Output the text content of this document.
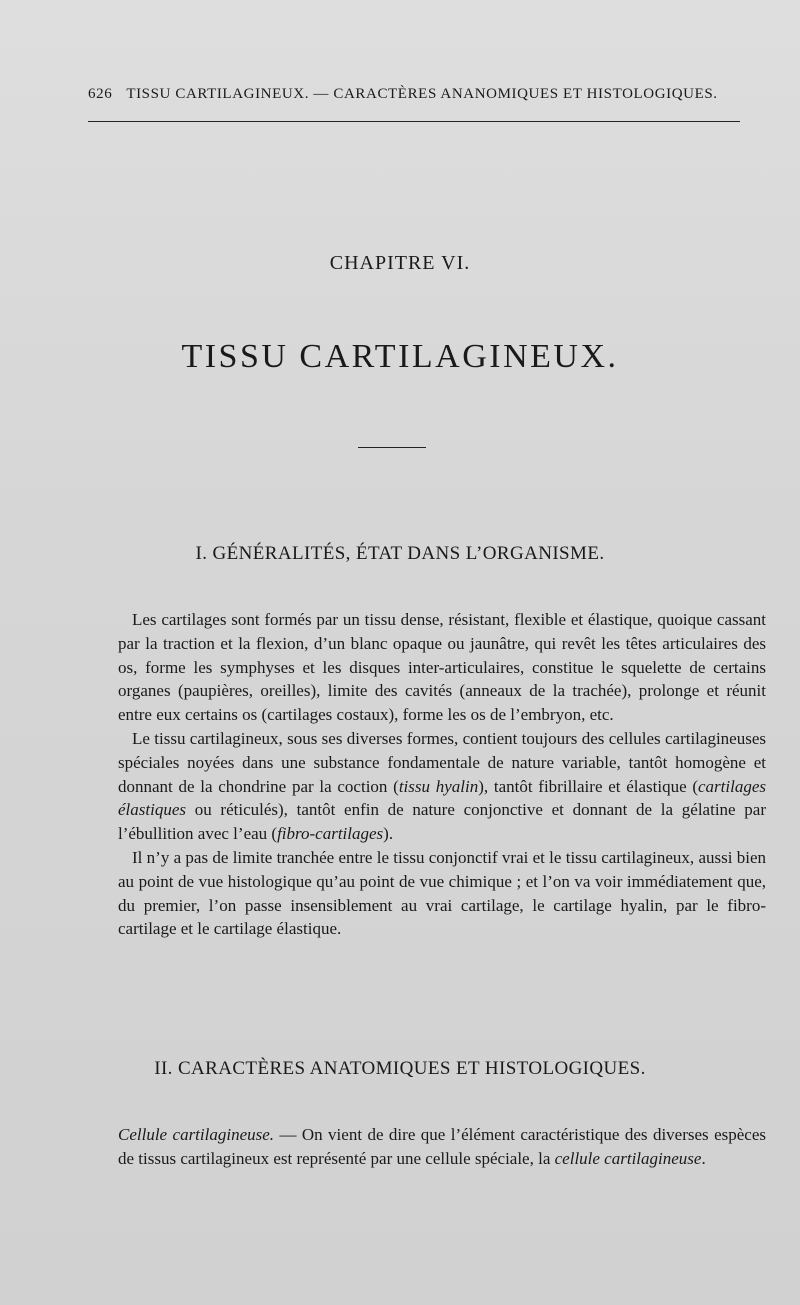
626 TISSU CARTILAGINEUX. — CARACTÈRES ANANOMIQUES ET HISTOLOGIQUES.
CHAPITRE VI.
TISSU CARTILAGINEUX.
I. GÉNÉRALITÉS, ÉTAT DANS L’ORGANISME.

Les cartilages sont formés par un tissu dense, résistant, flexible et élastique, quoique cassant par la traction et la flexion, d’un blanc opaque ou jaunâtre, qui revêt les têtes articulaires des os, forme les symphyses et les disques inter-articulaires, constitue le squelette de certains organes (paupières, oreilles), limite des cavités (anneaux de la trachée), prolonge et réunit entre eux certains os (cartilages costaux), forme les os de l’embryon, etc.

Le tissu cartilagineux, sous ses diverses formes, contient toujours des cellules cartilagineuses spéciales noyées dans une substance fondamentale de nature variable, tantôt homogène et donnant de la chondrine par la coction (tissu hyalin), tantôt fibrillaire et élastique (cartilages élastiques ou réticulés), tantôt enfin de nature conjonctive et donnant de la gélatine par l’ébullition avec l’eau (fibro-cartilages).

Il n’y a pas de limite tranchée entre le tissu conjonctif vrai et le tissu cartilagineux, aussi bien au point de vue histologique qu’au point de vue chimique ; et l’on va voir immédiatement que, du premier, l’on passe insensiblement au vrai cartilage, le cartilage hyalin, par le fibro-cartilage et le cartilage élastique.

II. CARACTÈRES ANATOMIQUES ET HISTOLOGIQUES.

Cellule cartilagineuse. — On vient de dire que l’élément caractéristique des diverses espèces de tissus cartilagineux est représenté par une cellule spéciale, la cellule cartilagineuse.
